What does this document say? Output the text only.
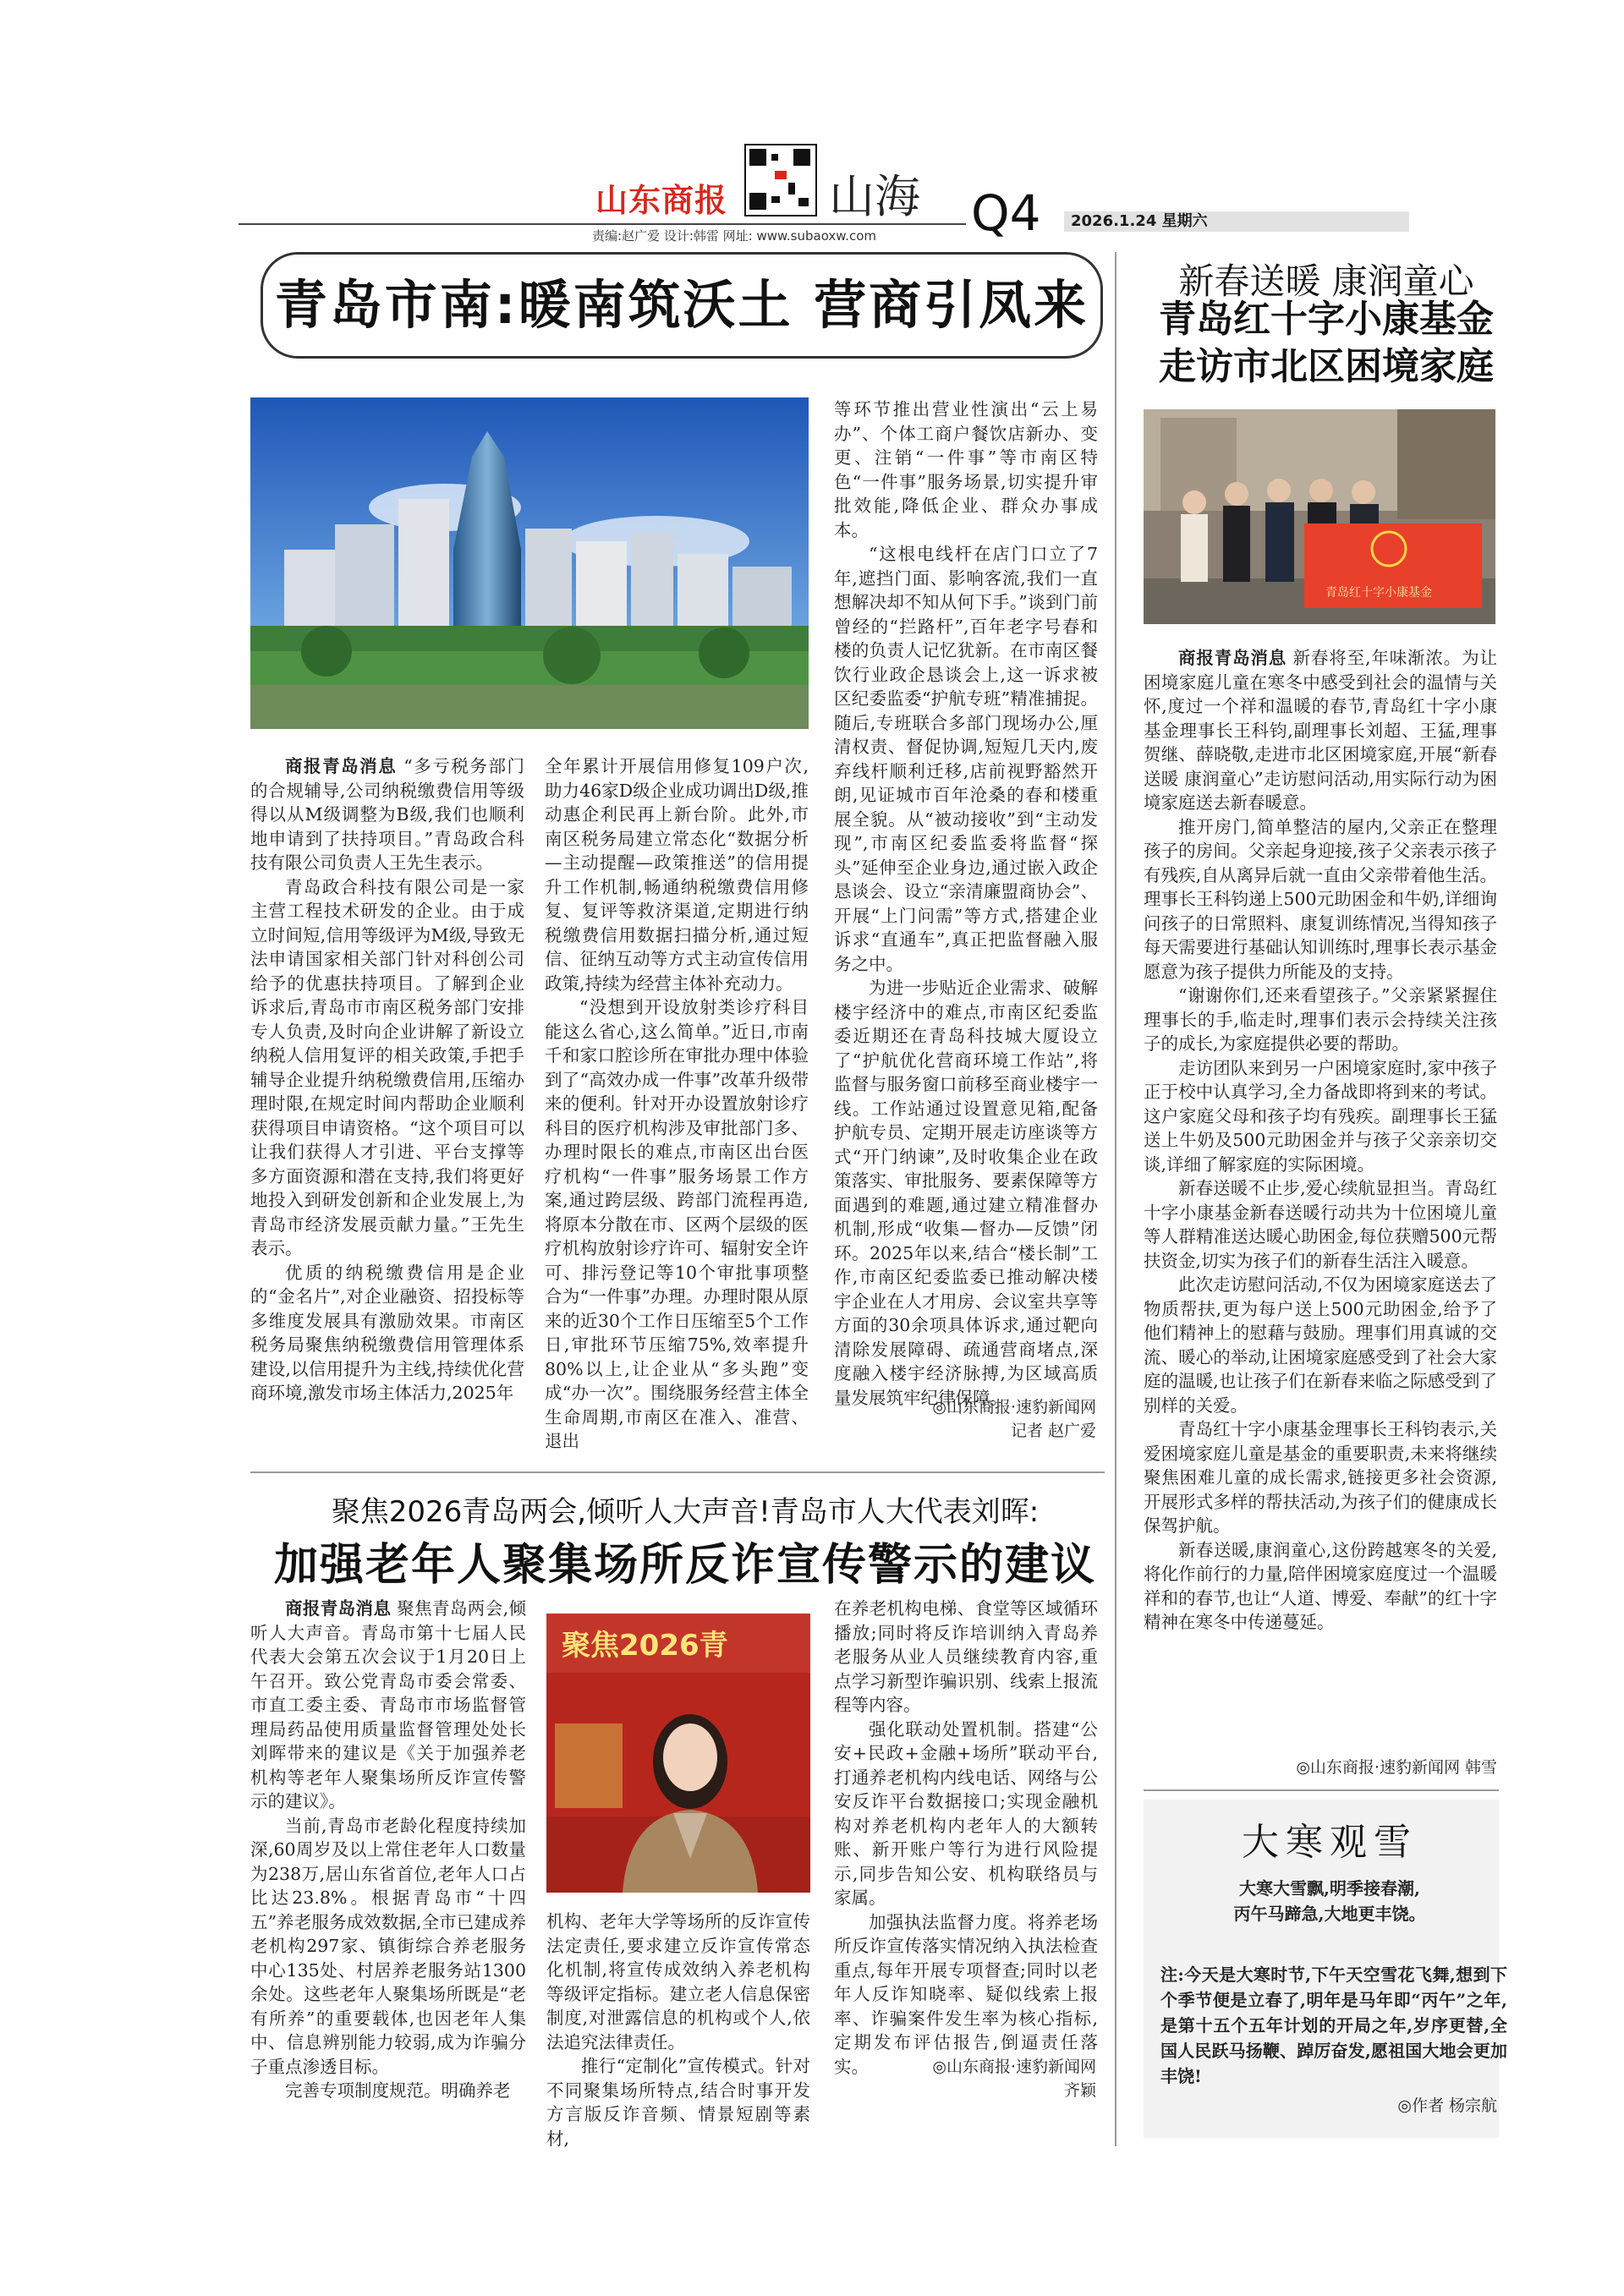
山东商报 山海
责编:赵广爱 设计:韩雷 网址: www.subaoxw.com Q4	2026.1.24 星期六
青岛市南:暖南筑沃土 营商引凤来

商报青岛消息 “多亏税务部门的合规辅导,公司纳税缴费信用等级得以从M级调整为B级,我们也顺利地申请到了扶持项目。”青岛政合科技有限公司负责人王先生表示。

青岛政合科技有限公司是一家主营工程技术研发的企业。由于成立时间短,信用等级评为M级,导致无法申请国家相关部门针对科创公司给予的优惠扶持项目。了解到企业诉求后,青岛市市南区税务部门安排专人负责,及时向企业讲解了新设立纳税人信用复评的相关政策,手把手辅导企业提升纳税缴费信用,压缩办理时限,在规定时间内帮助企业顺利获得项目申请资格。“这个项目可以让我们获得人才引进、平台支撑等多方面资源和潜在支持,我们将更好地投入到研发创新和企业发展上,为青岛市经济发展贡献力量。”王先生表示。

优质的纳税缴费信用是企业的“金名片”,对企业融资、招投标等多维度发展具有激励效果。市南区税务局聚焦纳税缴费信用管理体系建设,以信用提升为主线,持续优化营商环境,激发市场主体活力,2025年

全年累计开展信用修复109户次,助力46家D级企业成功调出D级,推动惠企利民再上新台阶。此外,市南区税务局建立常态化“数据分析—主动提醒—政策推送”的信用提升工作机制,畅通纳税缴费信用修复、复评等救济渠道,定期进行纳税缴费信用数据扫描分析,通过短信、征纳互动等方式主动宣传信用政策,持续为经营主体补充动力。

“没想到开设放射类诊疗科目能这么省心,这么简单。”近日,市南千和家口腔诊所在审批办理中体验到了“高效办成一件事”改革升级带来的便利。针对开办设置放射诊疗科目的医疗机构涉及审批部门多、办理时限长的难点,市南区出台医疗机构“一件事”服务场景工作方案,通过跨层级、跨部门流程再造,将原本分散在市、区两个层级的医疗机构放射诊疗许可、辐射安全许可、排污登记等10个审批事项整合为“一件事”办理。办理时限从原来的近30个工作日压缩至5个工作日,审批环节压缩75%,效率提升80%以上,让企业从“多头跑”变成“办一次”。围绕服务经营主体全生命周期,市南区在准入、准营、退出

等环节推出营业性演出“云上易办”、个体工商户餐饮店新办、变更、注销“一件事”等市南区特色“一件事”服务场景,切实提升审批效能,降低企业、群众办事成本。

“这根电线杆在店门口立了7年,遮挡门面、影响客流,我们一直想解决却不知从何下手。”谈到门前曾经的“拦路杆”,百年老字号春和楼的负责人记忆犹新。在市南区餐饮行业政企恳谈会上,这一诉求被区纪委监委“护航专班”精准捕捉。随后,专班联合多部门现场办公,厘清权责、督促协调,短短几天内,废弃线杆顺利迁移,店前视野豁然开朗,见证城市百年沧桑的春和楼重展全貌。从“被动接收”到“主动发现”,市南区纪委监委将监督“探头”延伸至企业身边,通过嵌入政企恳谈会、设立“亲清廉盟商协会”、开展“上门问需”等方式,搭建企业诉求“直通车”,真正把监督融入服务之中。

为进一步贴近企业需求、破解楼宇经济中的难点,市南区纪委监委近期还在青岛科技城大厦设立了“护航优化营商环境工作站”,将监督与服务窗口前移至商业楼宇一线。工作站通过设置意见箱,配备护航专员、定期开展走访座谈等方式“开门纳谏”,及时收集企业在政策落实、审批服务、要素保障等方面遇到的难题,通过建立精准督办机制,形成“收集—督办—反馈”闭环。2025年以来,结合“楼长制”工作,市南区纪委监委已推动解决楼宇企业在人才用房、会议室共享等方面的30余项具体诉求,通过靶向清除发展障碍、疏通营商堵点,深度融入楼宇经济脉搏,为区域高质量发展筑牢纪律保障。

◎山东商报·速豹新闻网
记者 赵广爱
聚焦2026青岛两会,倾听人大声音!青岛市人大代表刘晖:
加强老年人聚集场所反诈宣传警示的建议

商报青岛消息 聚焦青岛两会,倾听人大声音。青岛市第十七届人民代表大会第五次会议于1月20日上午召开。致公党青岛市委会常委、市直工委主委、青岛市市场监督管理局药品使用质量监督管理处处长刘晖带来的建议是《关于加强养老机构等老年人聚集场所反诈宣传警示的建议》。

当前,青岛市老龄化程度持续加深,60周岁及以上常住老年人口数量为238万,居山东省首位,老年人口占比达23.8%。根据青岛市“十四五”养老服务成效数据,全市已建成养老机构297家、镇街综合养老服务中心135处、村居养老服务站1300余处。这些老年人聚集场所既是“老有所养”的重要载体,也因老年人集中、信息辨别能力较弱,成为诈骗分子重点渗透目标。

完善专项制度规范。明确养老

聚焦2026青

机构、老年大学等场所的反诈宣传法定责任,要求建立反诈宣传常态化机制,将宣传成效纳入养老机构等级评定指标。建立老人信息保密制度,对泄露信息的机构或个人,依法追究法律责任。

推行“定制化”宣传模式。针对不同聚集场所特点,结合时事开发方言版反诈音频、情景短剧等素材,

在养老机构电梯、食堂等区域循环播放;同时将反诈培训纳入青岛养老服务从业人员继续教育内容,重点学习新型诈骗识别、线索上报流程等内容。

强化联动处置机制。搭建“公安+民政+金融+场所”联动平台,打通养老机构内线电话、网络与公安反诈平台数据接口;实现金融机构对养老机构内老年人的大额转账、新开账户等行为进行风险提示,同步告知公安、机构联络员与家属。

加强执法监督力度。将养老场所反诈宣传落实情况纳入执法检查重点,每年开展专项督查;同时以老年人反诈知晓率、疑似线索上报率、诈骗案件发生率为核心指标,定期发布评估报告,倒逼责任落实。	◎山东商报·速豹新闻网
齐颖
新春送暖 康润童心
青岛红十字小康基金
走访市北区困境家庭
青岛红十字小康基金

商报青岛消息 新春将至,年味渐浓。为让困境家庭儿童在寒冬中感受到社会的温情与关怀,度过一个祥和温暖的春节,青岛红十字小康基金理事长王科钧,副理事长刘超、王猛,理事贺继、薛晓敬,走进市北区困境家庭,开展“新春送暖 康润童心”走访慰问活动,用实际行动为困境家庭送去新春暖意。

推开房门,简单整洁的屋内,父亲正在整理孩子的房间。父亲起身迎接,孩子父亲表示孩子有残疾,自从离异后就一直由父亲带着他生活。理事长王科钧递上500元助困金和牛奶,详细询问孩子的日常照料、康复训练情况,当得知孩子每天需要进行基础认知训练时,理事长表示基金愿意为孩子提供力所能及的支持。

“谢谢你们,还来看望孩子。”父亲紧紧握住理事长的手,临走时,理事们表示会持续关注孩子的成长,为家庭提供必要的帮助。

走访团队来到另一户困境家庭时,家中孩子正于校中认真学习,全力备战即将到来的考试。这户家庭父母和孩子均有残疾。副理事长王猛送上牛奶及500元助困金并与孩子父亲亲切交谈,详细了解家庭的实际困境。

新春送暖不止步,爱心续航显担当。青岛红十字小康基金新春送暖行动共为十位困境儿童等人群精准送达暖心助困金,每位获赠500元帮扶资金,切实为孩子们的新春生活注入暖意。

此次走访慰问活动,不仅为困境家庭送去了物质帮扶,更为每户送上500元助困金,给予了他们精神上的慰藉与鼓励。理事们用真诚的交流、暖心的举动,让困境家庭感受到了社会大家庭的温暖,也让孩子们在新春来临之际感受到了别样的关爱。

青岛红十字小康基金理事长王科钧表示,关爱困境家庭儿童是基金的重要职责,未来将继续聚焦困难儿童的成长需求,链接更多社会资源,开展形式多样的帮扶活动,为孩子们的健康成长保驾护航。

新春送暖,康润童心,这份跨越寒冬的关爱,将化作前行的力量,陪伴困境家庭度过一个温暖祥和的春节,也让“人道、博爱、奉献”的红十字精神在寒冬中传递蔓延。

◎山东商报·速豹新闻网 韩雪
大寒观雪
大寒大雪飘,明季接春潮,
丙午马蹄急,大地更丰饶。
注:今天是大寒时节,下午天空雪花飞舞,想到下个季节便是立春了,明年是马年即“丙午”之年,是第十五个五年计划的开局之年,岁序更替,全国人民跃马扬鞭、踔厉奋发,愿祖国大地会更加丰饶!
◎作者 杨宗航
